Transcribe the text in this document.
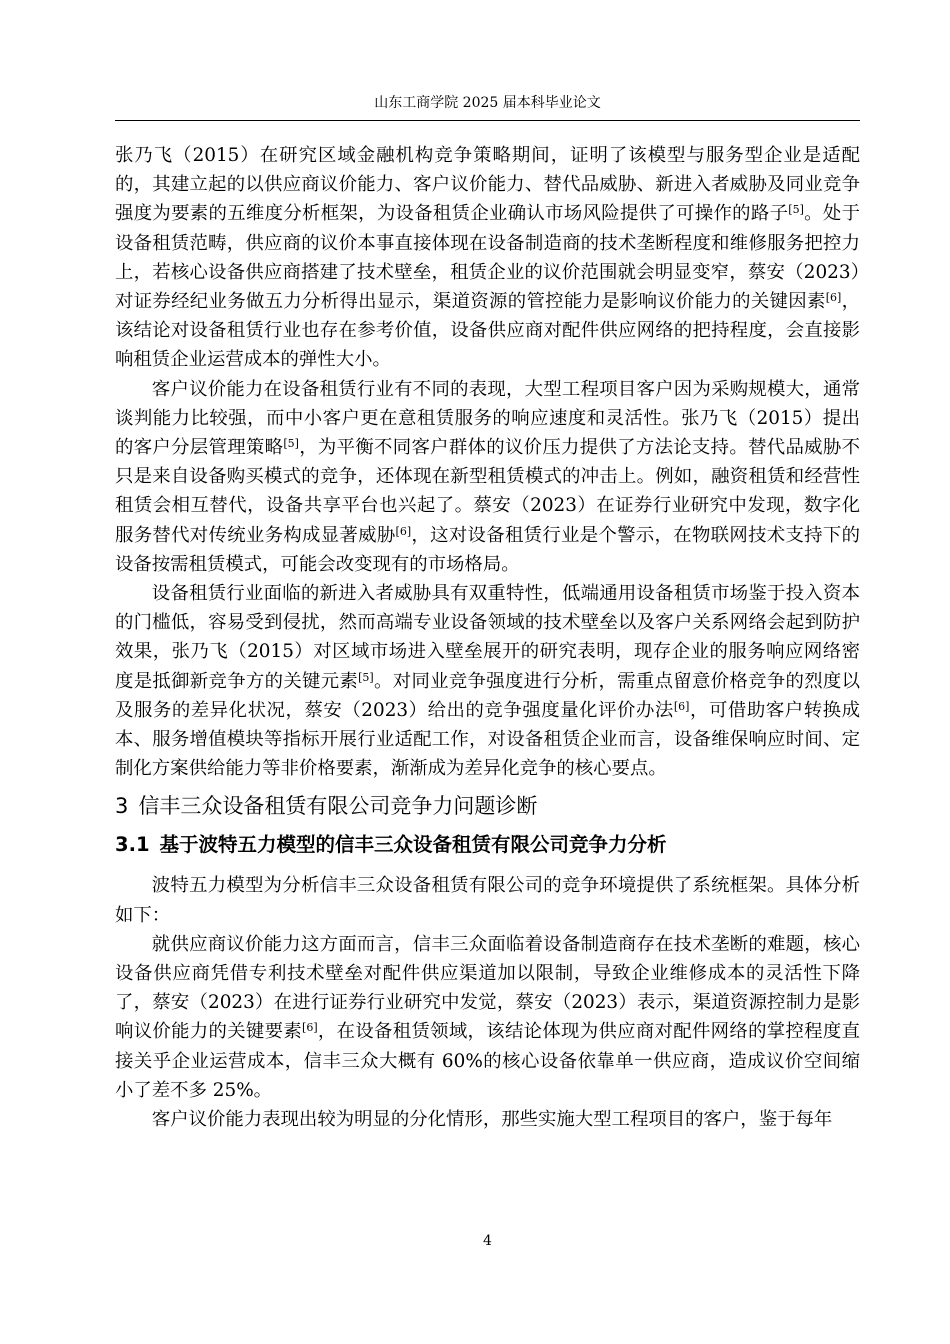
山东工商学院 2025 届本科毕业论文

张乃飞（2015）在研究区域金融机构竞争策略期间，证明了该模型与服务型企业是适配的，其建立起的以供应商议价能力、客户议价能力、替代品威胁、新进入者威胁及同业竞争强度为要素的五维度分析框架，为设备租赁企业确认市场风险提供了可操作的路子[5]。处于设备租赁范畴，供应商的议价本事直接体现在设备制造商的技术垄断程度和维修服务把控力上，若核心设备供应商搭建了技术壁垒，租赁企业的议价范围就会明显变窄，蔡安（2023）对证券经纪业务做五力分析得出显示，渠道资源的管控能力是影响议价能力的关键因素[6]，该结论对设备租赁行业也存在参考价值，设备供应商对配件供应网络的把持程度，会直接影响租赁企业运营成本的弹性大小。

客户议价能力在设备租赁行业有不同的表现，大型工程项目客户因为采购规模大，通常谈判能力比较强，而中小客户更在意租赁服务的响应速度和灵活性。张乃飞（2015）提出的客户分层管理策略[5]，为平衡不同客户群体的议价压力提供了方法论支持。替代品威胁不只是来自设备购买模式的竞争，还体现在新型租赁模式的冲击上。例如，融资租赁和经营性租赁会相互替代，设备共享平台也兴起了。蔡安（2023）在证券行业研究中发现，数字化服务替代对传统业务构成显著威胁[6]，这对设备租赁行业是个警示，在物联网技术支持下的设备按需租赁模式，可能会改变现有的市场格局。

设备租赁行业面临的新进入者威胁具有双重特性，低端通用设备租赁市场鉴于投入资本的门槛低，容易受到侵扰，然而高端专业设备领域的技术壁垒以及客户关系网络会起到防护效果，张乃飞（2015）对区域市场进入壁垒展开的研究表明，现存企业的服务响应网络密度是抵御新竞争方的关键元素[5]。对同业竞争强度进行分析，需重点留意价格竞争的烈度以及服务的差异化状况，蔡安（2023）给出的竞争强度量化评价办法[6]，可借助客户转换成本、服务增值模块等指标开展行业适配工作，对设备租赁企业而言，设备维保响应时间、定制化方案供给能力等非价格要素，渐渐成为差异化竞争的核心要点。

3 信丰三众设备租赁有限公司竞争力问题诊断
3.1 基于波特五力模型的信丰三众设备租赁有限公司竞争力分析

波特五力模型为分析信丰三众设备租赁有限公司的竞争环境提供了系统框架。具体分析如下：

就供应商议价能力这方面而言，信丰三众面临着设备制造商存在技术垄断的难题，核心设备供应商凭借专利技术壁垒对配件供应渠道加以限制，导致企业维修成本的灵活性下降了，蔡安（2023）在进行证券行业研究中发觉，蔡安（2023）表示，渠道资源控制力是影响议价能力的关键要素[6]，在设备租赁领域，该结论体现为供应商对配件网络的掌控程度直接关乎企业运营成本，信丰三众大概有 60%的核心设备依靠单一供应商，造成议价空间缩小了差不多 25%。

客户议价能力表现出较为明显的分化情形，那些实施大型工程项目的客户，鉴于每年

4
